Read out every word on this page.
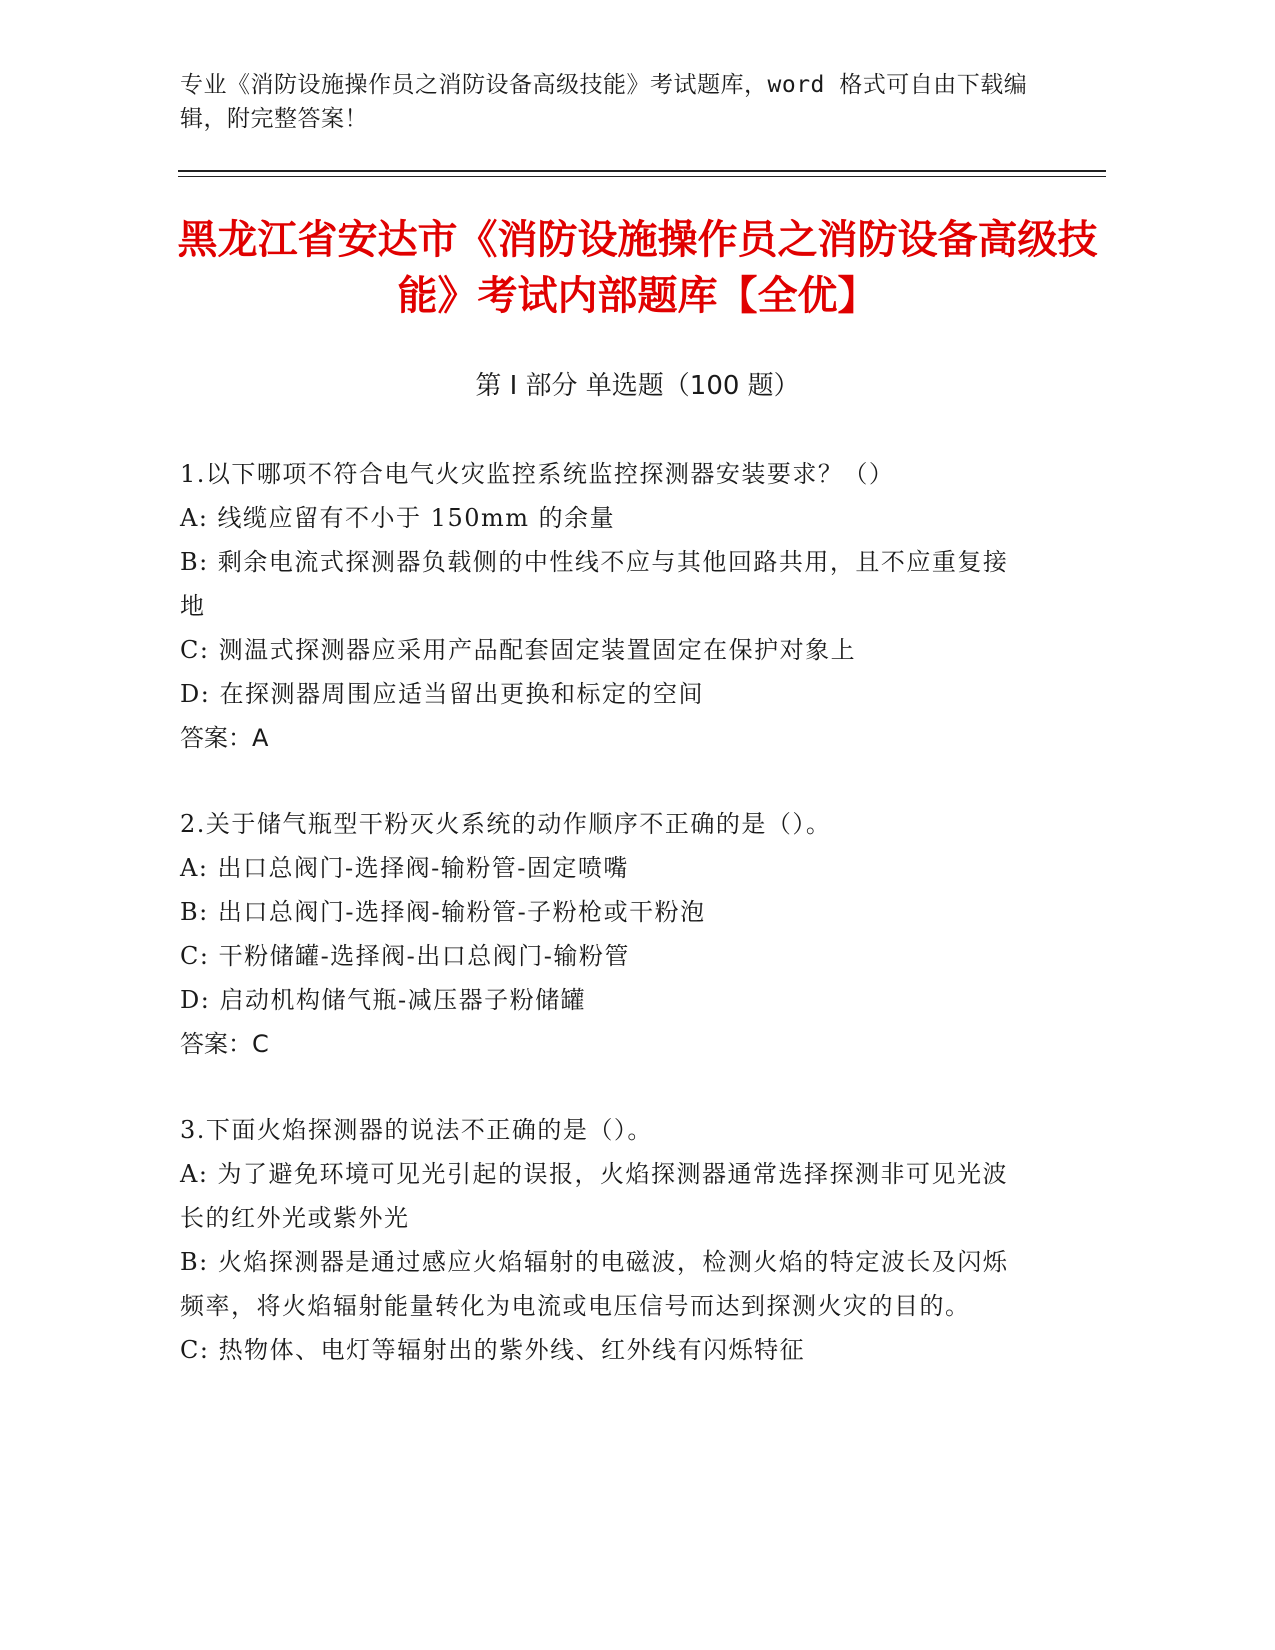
专业《消防设施操作员之消防设备高级技能》考试题库，word 格式可自由下载编辑，附完整答案！
黑龙江省安达市《消防设施操作员之消防设备高级技能》考试内部题库【全优】
第 I 部分 单选题（100 题）

1.以下哪项不符合电气火灾监控系统监控探测器安装要求？（）

A: 线缆应留有不小于 150mm 的余量

B: 剩余电流式探测器负载侧的中性线不应与其他回路共用，且不应重复接地

C: 测温式探测器应采用产品配套固定装置固定在保护对象上

D: 在探测器周围应适当留出更换和标定的空间

答案：A

2.关于储气瓶型干粉灭火系统的动作顺序不正确的是（）。

A: 出口总阀门-选择阀-输粉管-固定喷嘴

B: 出口总阀门-选择阀-输粉管-子粉枪或干粉泡

C: 干粉储罐-选择阀-出口总阀门-输粉管

D: 启动机构储气瓶-减压器子粉储罐

答案：C

3.下面火焰探测器的说法不正确的是（）。

A: 为了避免环境可见光引起的误报，火焰探测器通常选择探测非可见光波长的红外光或紫外光

B: 火焰探测器是通过感应火焰辐射的电磁波，检测火焰的特定波长及闪烁频率，将火焰辐射能量转化为电流或电压信号而达到探测火灾的目的。

C: 热物体、电灯等辐射出的紫外线、红外线有闪烁特征
